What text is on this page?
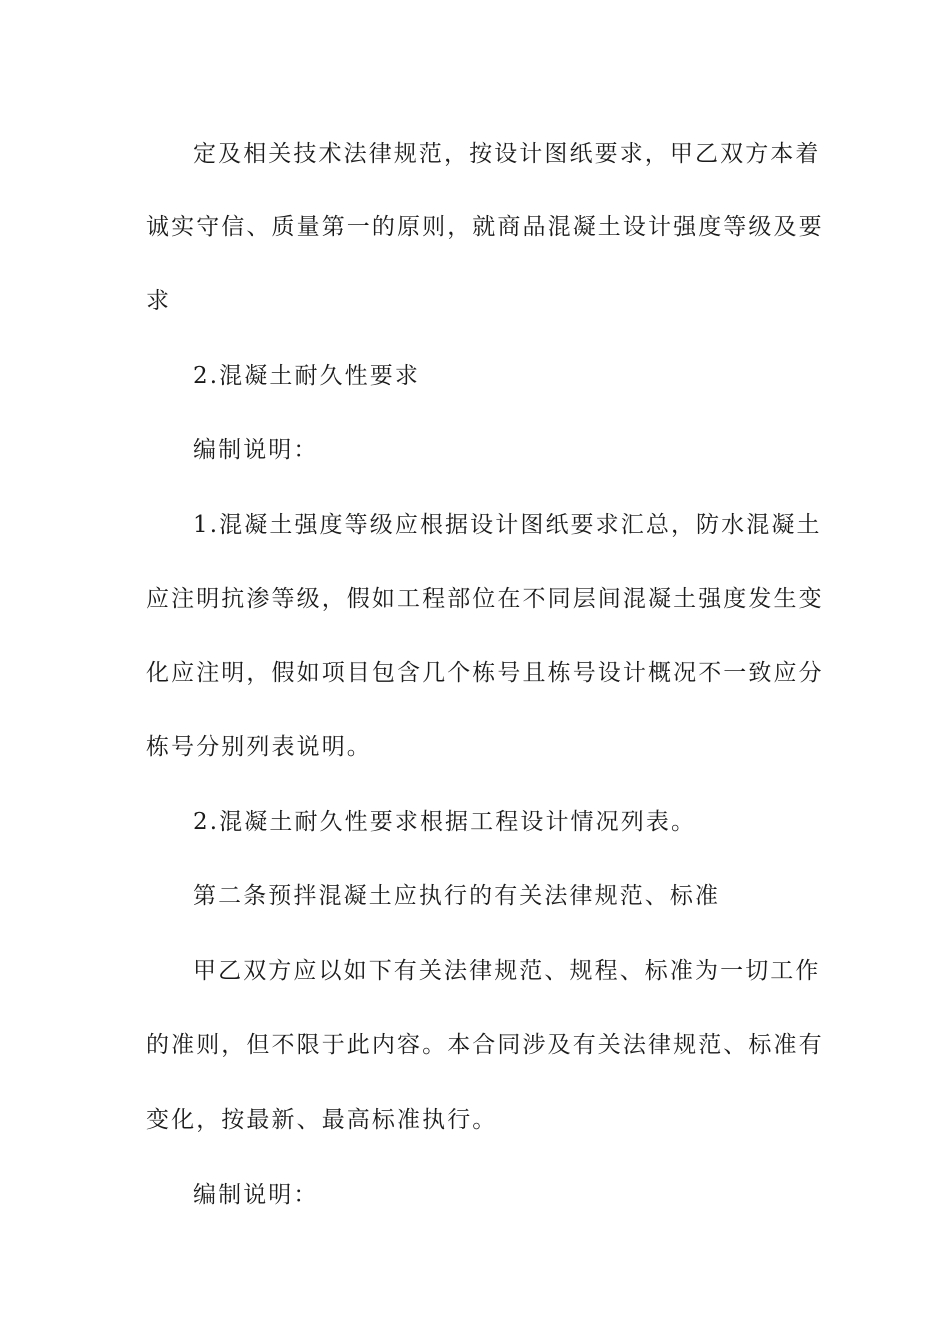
定及相关技术法律规范，按设计图纸要求，甲乙双方本着
诚实守信、质量第一的原则，就商品混凝土设计强度等级及要
求
2.混凝土耐久性要求
编制说明：
1.混凝土强度等级应根据设计图纸要求汇总，防水混凝土
应注明抗渗等级，假如工程部位在不同层间混凝土强度发生变
化应注明，假如项目包含几个栋号且栋号设计概况不一致应分
栋号分别列表说明。
2.混凝土耐久性要求根据工程设计情况列表。
第二条预拌混凝土应执行的有关法律规范、标准
甲乙双方应以如下有关法律规范、规程、标准为一切工作
的准则，但不限于此内容。本合同涉及有关法律规范、标准有
变化，按最新、最高标准执行。
编制说明：
